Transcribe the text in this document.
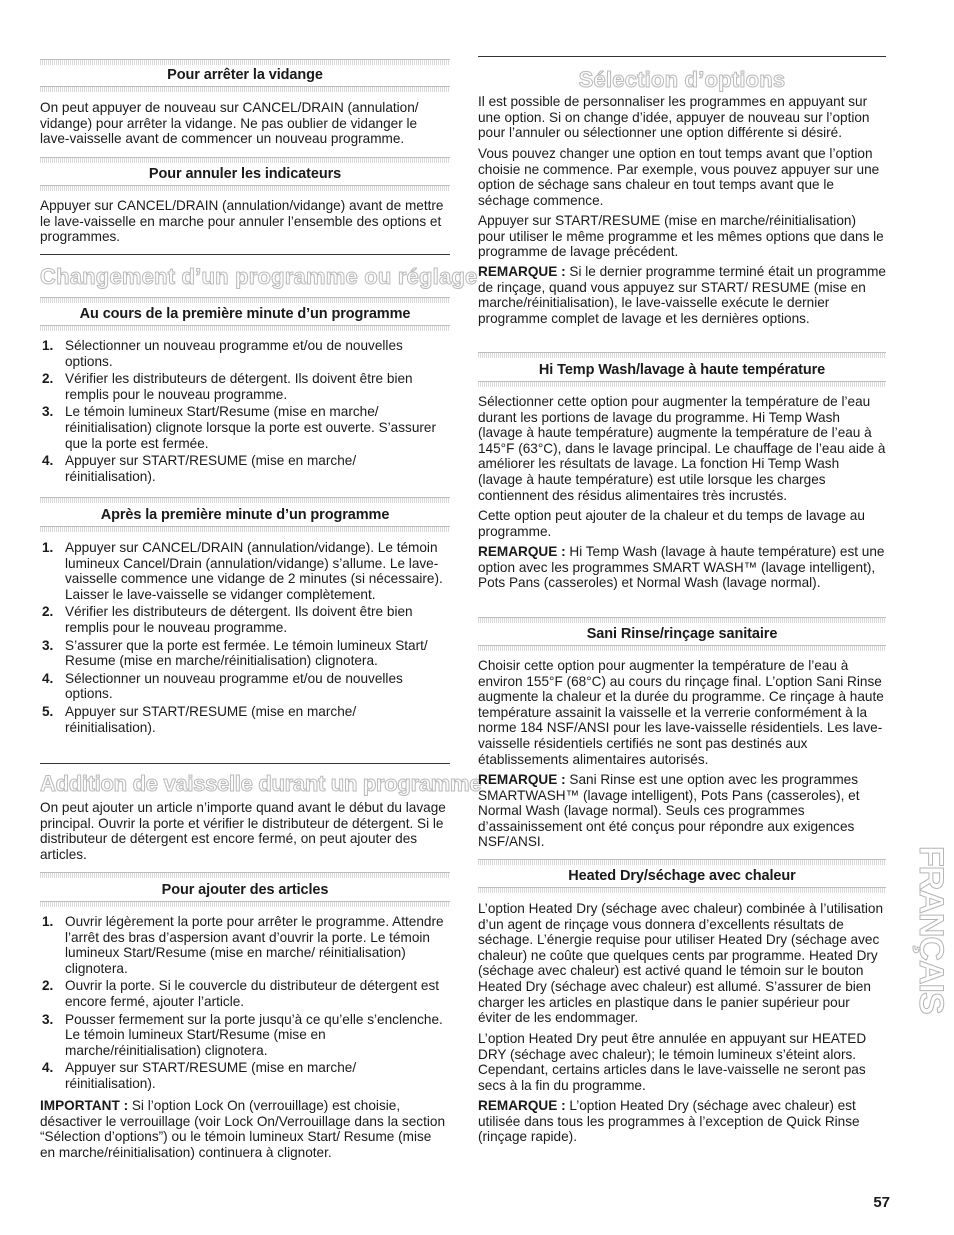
Pour arrêter la vidange

On peut appuyer de nouveau sur CANCEL/DRAIN (annulation/ vidange) pour arrêter la vidange. Ne pas oublier de vidanger le lave-vaisselle avant de commencer un nouveau programme.

Pour annuler les indicateurs

Appuyer sur CANCEL/DRAIN (annulation/vidange) avant de mettre le lave-vaisselle en marche pour annuler l’ensemble des options et programmes.

Changement d’un programme ou réglage
Au cours de la première minute d’un programme
1. Sélectionner un nouveau programme et/ou de nouvelles options.
2. Vérifier les distributeurs de détergent. Ils doivent être bien remplis pour le nouveau programme.
3. Le témoin lumineux Start/Resume (mise en marche/ réinitialisation) clignote lorsque la porte est ouverte. S’assurer que la porte est fermée.
4. Appuyer sur START/RESUME (mise en marche/ réinitialisation).
Après la première minute d’un programme
1. Appuyer sur CANCEL/DRAIN (annulation/vidange). Le témoin lumineux Cancel/Drain (annulation/vidange) s’allume. Le lave-vaisselle commence une vidange de 2 minutes (si nécessaire). Laisser le lave-vaisselle se vidanger complètement.
2. Vérifier les distributeurs de détergent. Ils doivent être bien remplis pour le nouveau programme.
3. S’assurer que la porte est fermée. Le témoin lumineux Start/ Resume (mise en marche/réinitialisation) clignotera.
4. Sélectionner un nouveau programme et/ou de nouvelles options.
5. Appuyer sur START/RESUME (mise en marche/ réinitialisation).
Addition de vaisselle durant un programme

On peut ajouter un article n’importe quand avant le début du lavage principal. Ouvrir la porte et vérifier le distributeur de détergent. Si le distributeur de détergent est encore fermé, on peut ajouter des articles.

Pour ajouter des articles
1. Ouvrir légèrement la porte pour arrêter le programme. Attendre l’arrêt des bras d’aspersion avant d’ouvrir la porte. Le témoin lumineux Start/Resume (mise en marche/ réinitialisation) clignotera.
2. Ouvrir la porte. Si le couvercle du distributeur de détergent est encore fermé, ajouter l’article.
3. Pousser fermement sur la porte jusqu’à ce qu’elle s’enclenche. Le témoin lumineux Start/Resume (mise en marche/réinitialisation) clignotera.
4. Appuyer sur START/RESUME (mise en marche/ réinitialisation).

IMPORTANT : Si l’option Lock On (verrouillage) est choisie, désactiver le verrouillage (voir Lock On/Verrouillage dans la section “Sélection d’options”) ou le témoin lumineux Start/ Resume (mise en marche/réinitialisation) continuera à clignoter.

Sélection d’options

Il est possible de personnaliser les programmes en appuyant sur une option. Si on change d’idée, appuyer de nouveau sur l’option pour l’annuler ou sélectionner une option différente si désiré.

Vous pouvez changer une option en tout temps avant que l’option choisie ne commence. Par exemple, vous pouvez appuyer sur une option de séchage sans chaleur en tout temps avant que le séchage commence.

Appuyer sur START/RESUME (mise en marche/réinitialisation) pour utiliser le même programme et les mêmes options que dans le programme de lavage précédent.

REMARQUE : Si le dernier programme terminé était un programme de rinçage, quand vous appuyez sur START/ RESUME (mise en marche/réinitialisation), le lave-vaisselle exécute le dernier programme complet de lavage et les dernières options.

Hi Temp Wash/lavage à haute température

Sélectionner cette option pour augmenter la température de l’eau durant les portions de lavage du programme. Hi Temp Wash (lavage à haute température) augmente la température de l’eau à 145°F (63°C), dans le lavage principal. Le chauffage de l’eau aide à améliorer les résultats de lavage. La fonction Hi Temp Wash (lavage à haute température) est utile lorsque les charges contiennent des résidus alimentaires très incrustés.

Cette option peut ajouter de la chaleur et du temps de lavage au programme.

REMARQUE : Hi Temp Wash (lavage à haute température) est une option avec les programmes SMART WASH™ (lavage intelligent), Pots Pans (casseroles) et Normal Wash (lavage normal).

Sani Rinse/rinçage sanitaire

Choisir cette option pour augmenter la température de l’eau à environ 155°F (68°C) au cours du rinçage final. L’option Sani Rinse augmente la chaleur et la durée du programme. Ce rinçage à haute température assainit la vaisselle et la verrerie conformément à la norme 184 NSF/ANSI pour les lave-vaisselle résidentiels. Les lave-vaisselle résidentiels certifiés ne sont pas destinés aux établissements alimentaires autorisés.

REMARQUE : Sani Rinse est une option avec les programmes SMARTWASH™ (lavage intelligent), Pots Pans (casseroles), et Normal Wash (lavage normal). Seuls ces programmes d’assainissement ont été conçus pour répondre aux exigences NSF/ANSI.

Heated Dry/séchage avec chaleur

L’option Heated Dry (séchage avec chaleur) combinée à l’utilisation d’un agent de rinçage vous donnera d’excellents résultats de séchage. L’énergie requise pour utiliser Heated Dry (séchage avec chaleur) ne coûte que quelques cents par programme. Heated Dry (séchage avec chaleur) est activé quand le témoin sur le bouton Heated Dry (séchage avec chaleur) est allumé. S’assurer de bien charger les articles en plastique dans le panier supérieur pour éviter de les endommager.

L’option Heated Dry peut être annulée en appuyant sur HEATED DRY (séchage avec chaleur); le témoin lumineux s’éteint alors. Cependant, certains articles dans le lave-vaisselle ne seront pas secs à la fin du programme.

REMARQUE : L’option Heated Dry (séchage avec chaleur) est utilisée dans tous les programmes à l’exception de Quick Rinse (rinçage rapide).

FRANÇAIS
57
